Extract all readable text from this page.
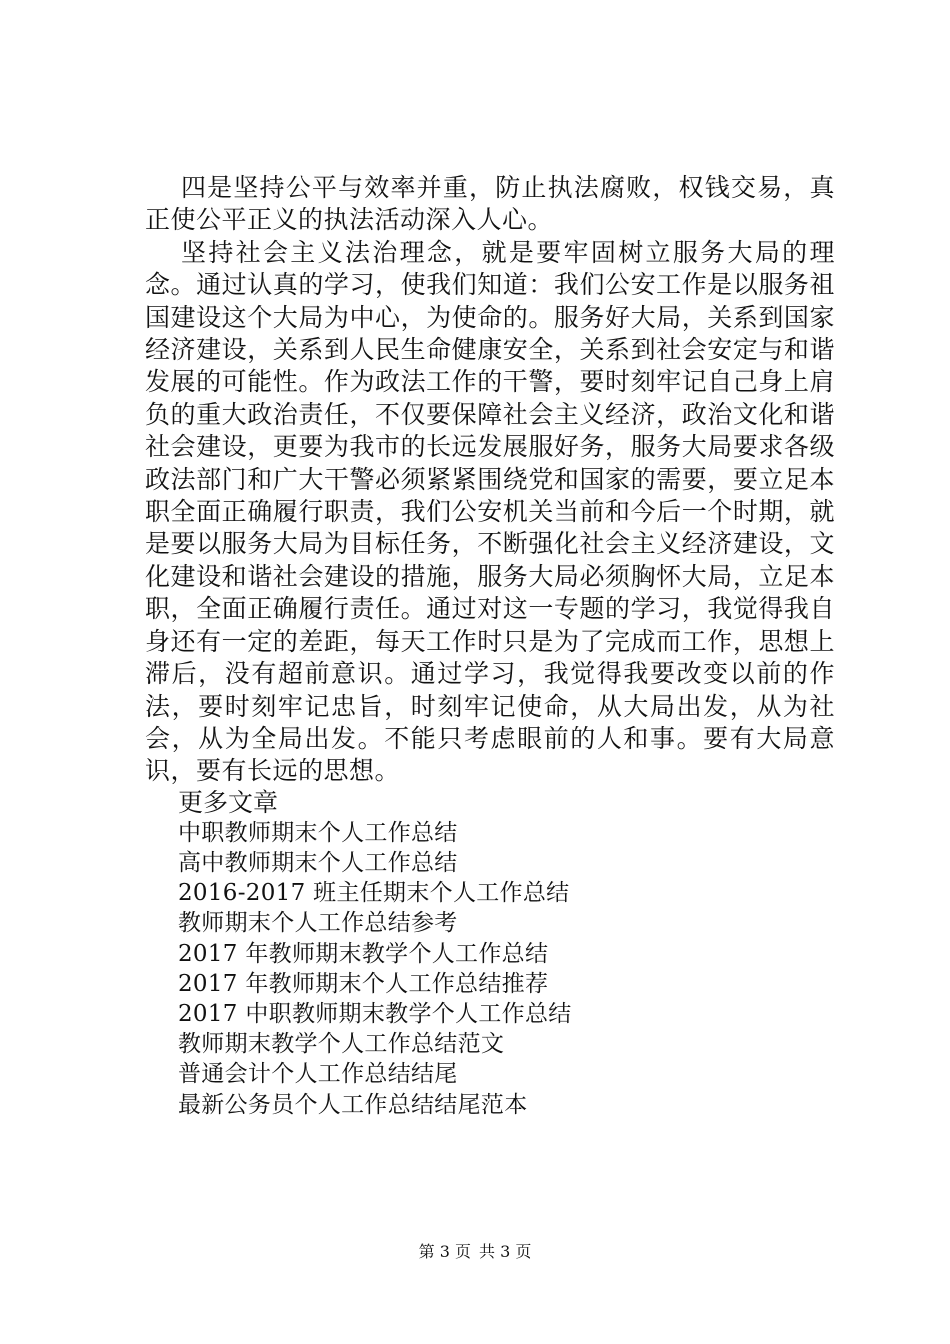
四是坚持公平与效率并重，防止执法腐败，权钱交易，真正使公平正义的执法活动深入人心。

坚持社会主义法治理念，就是要牢固树立服务大局的理念。通过认真的学习，使我们知道：我们公安工作是以服务祖国建设这个大局为中心，为使命的。服务好大局，关系到国家经济建设，关系到人民生命健康安全，关系到社会安定与和谐发展的可能性。作为政法工作的干警，要时刻牢记自己身上肩负的重大政治责任，不仅要保障社会主义经济，政治文化和谐社会建设，更要为我市的长远发展服好务，服务大局要求各级政法部门和广大干警必须紧紧围绕党和国家的需要，要立足本职全面正确履行职责，我们公安机关当前和今后一个时期，就是要以服务大局为目标任务，不断强化社会主义经济建设，文化建设和谐社会建设的措施，服务大局必须胸怀大局，立足本职，全面正确履行责任。通过对这一专题的学习，我觉得我自身还有一定的差距，每天工作时只是为了完成而工作，思想上滞后，没有超前意识。通过学习，我觉得我要改变以前的作法，要时刻牢记忠旨，时刻牢记使命，从大局出发，从为社会，从为全局出发。不能只考虑眼前的人和事。要有大局意识，要有长远的思想。

更多文章

中职教师期末个人工作总结
高中教师期末个人工作总结
2016-2017 班主任期末个人工作总结
教师期末个人工作总结参考
2017 年教师期末教学个人工作总结
2017 年教师期末个人工作总结推荐
2017 中职教师期末教学个人工作总结
教师期末教学个人工作总结范文
普通会计个人工作总结结尾
最新公务员个人工作总结结尾范本
第 3 页 共 3 页
